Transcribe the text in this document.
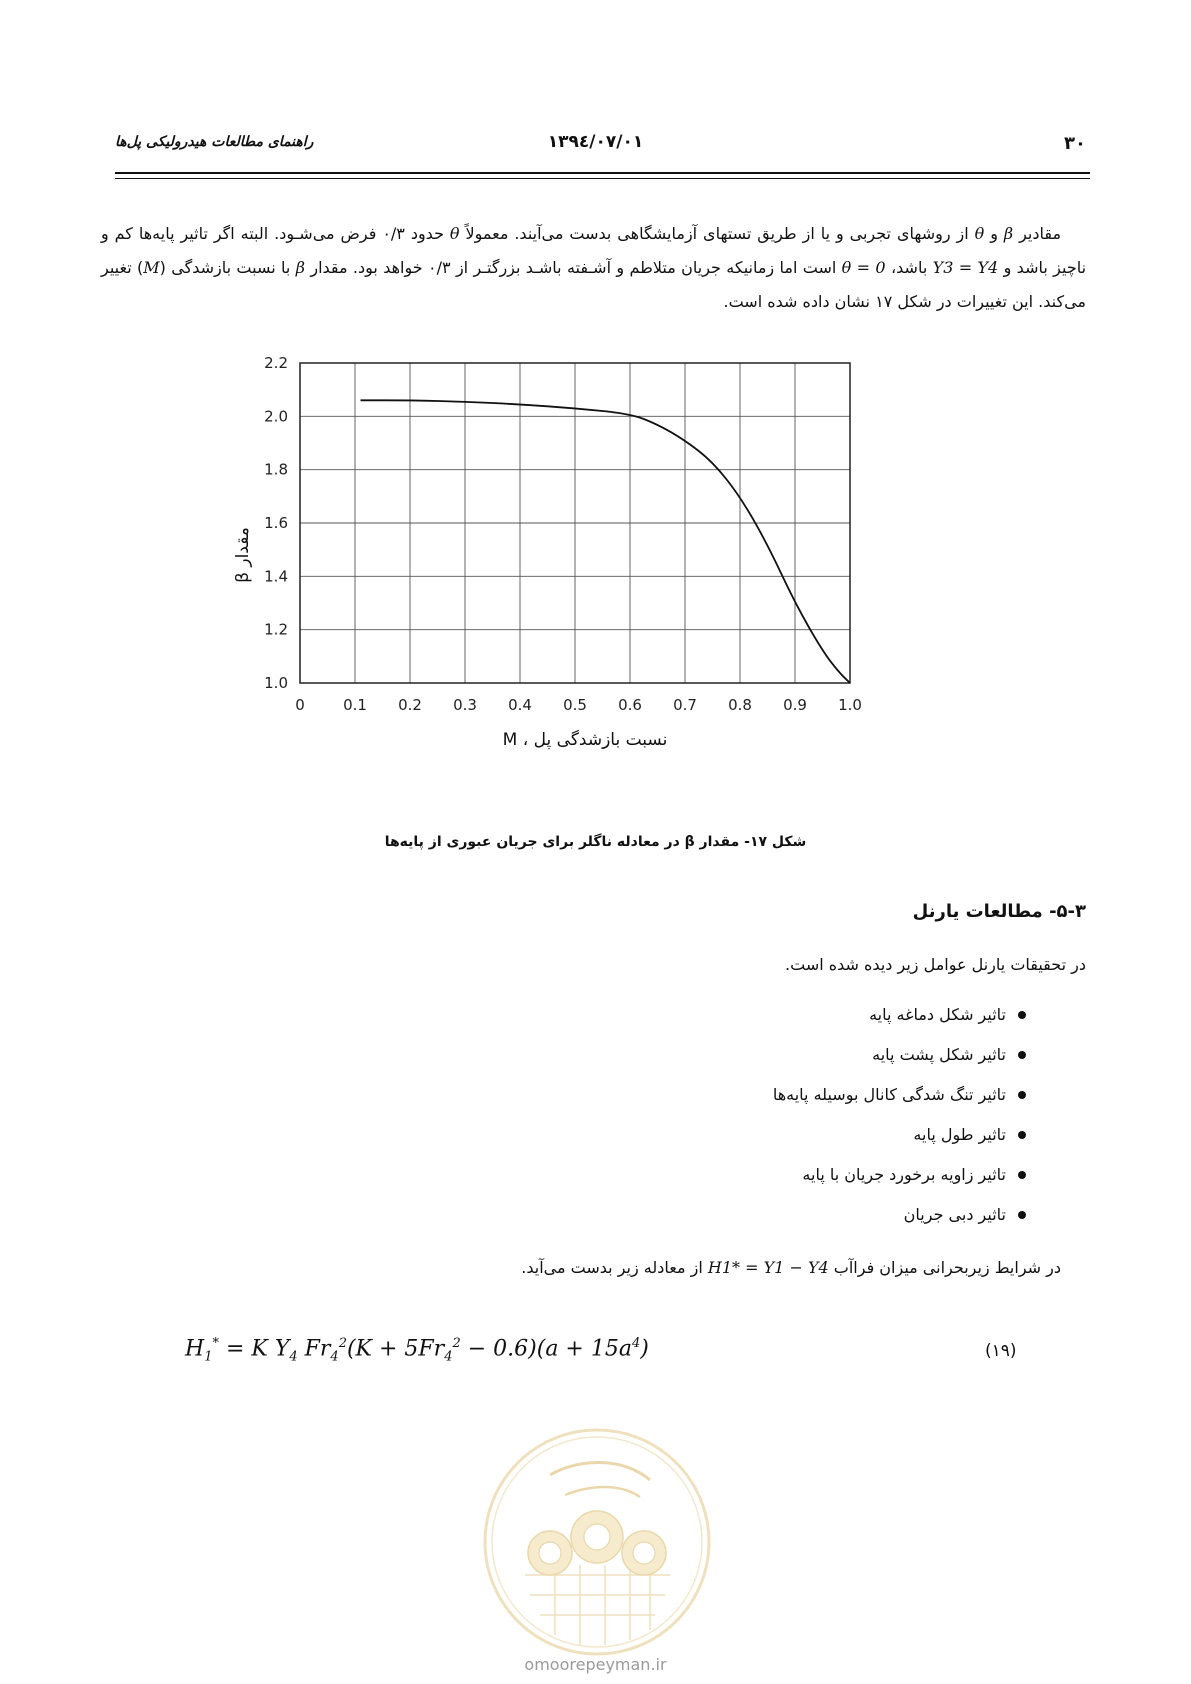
۳۰
۱۳۹٤/۰۷/۰۱
راهنمای مطالعات هیدرولیکی پل‌ها

مقادیر β و θ از روشهای تجربی و یا از طریق تستهای آزمایشگاهی بدست می‌آیند. معمولاً θ حدود ۰/۳ فرض می‌شـود. البته اگر تاثیر پایه‌ها کم و ناچیز باشد و Y3 = Y4 باشد، θ = 0 است اما زمانیکه جریان متلاطم و آشـفته باشـد بزرگتـر از ۰/۳ خواهد بود. مقدار β با نسبت بازشدگی (M) تغییر می‌کند. این تغییرات در شکل ۱۷ نشان داده شده است.

0	0.1 0.2 0.3 0.4 0.5 0.6 0.7 0.8 0.9 1.0
1.0
1.2
1.4
1.6
1.8
2.0
2.2
مقدار β
نسبت بازشدگی پل ، M
شکل ۱۷- مقدار β در معادله ناگلر برای جریان عبوری از پایه‌ها
۵-۳- مطالعات یارنل
در تحقیقات یارنل عوامل زیر دیده شده است.
تاثیر شکل دماغه پایه
تاثیر شکل پشت پایه
تاثیر تنگ شدگی کانال بوسیله پایه‌ها
تاثیر طول پایه
تاثیر زاویه برخورد جریان با پایه
تاثیر دبی جریان
در شرایط زیربحرانی میزان فراآب H1* = Y1 − Y4 از معادله زیر بدست می‌آید.
$H_1^* = K$ $Y_4$ $Fr_4^2(K + 5Fr_4^2 - 0.6)(a + 15a^4)$	(۱۹)
omoorepeyman.ir
